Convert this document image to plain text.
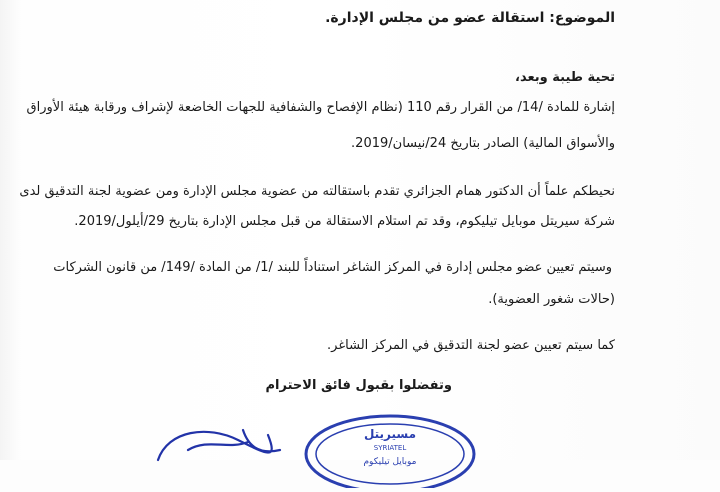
الموضوع: استقالة عضو من مجلس الإدارة.
تحية طيبة وبعد،
إشارة للمادة /14/ من القرار رقم 110 (نظام الإفصاح والشفافية للجهات الخاضعة لإشراف ورقابة هيئة الأوراق
والأسواق المالية) الصادر بتاريخ 24/نيسان/2019.
نحيطكم علماً أن الدكتور همام الجزائري تقدم باستقالته من عضوية مجلس الإدارة ومن عضوية لجنة التدقيق لدى
شركة سيريتل موبايل تيليكوم، وقد تم استلام الاستقالة من قبل مجلس الإدارة بتاريخ 29/أيلول/2019.
وسيتم تعيين عضو مجلس إدارة في المركز الشاغر استناداً للبند /1/ من المادة /149/ من قانون الشركات
(حالات شغور العضوية).
كما سيتم تعيين عضو لجنة التدقيق في المركز الشاغر.
وتفضلوا بقبول فائق الاحترام
مسيريتل
SYRIATEL
موبايل تيليكوم
